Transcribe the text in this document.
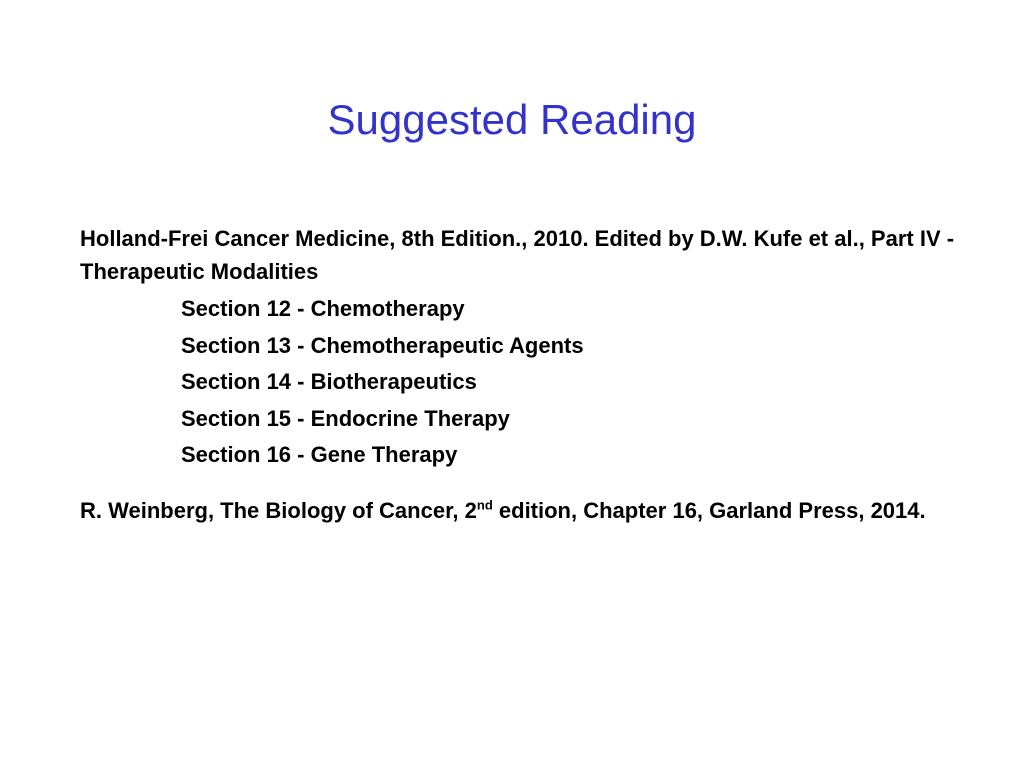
Suggested Reading

Holland-Frei Cancer Medicine, 8th Edition., 2010. Edited by D.W. Kufe et al., Part IV - Therapeutic Modalities

Section 12 - Chemotherapy
Section 13 - Chemotherapeutic Agents
Section 14 - Biotherapeutics
Section 15 - Endocrine Therapy
Section 16 - Gene Therapy

R. Weinberg, The Biology of Cancer, 2nd edition, Chapter 16, Garland Press, 2014.
